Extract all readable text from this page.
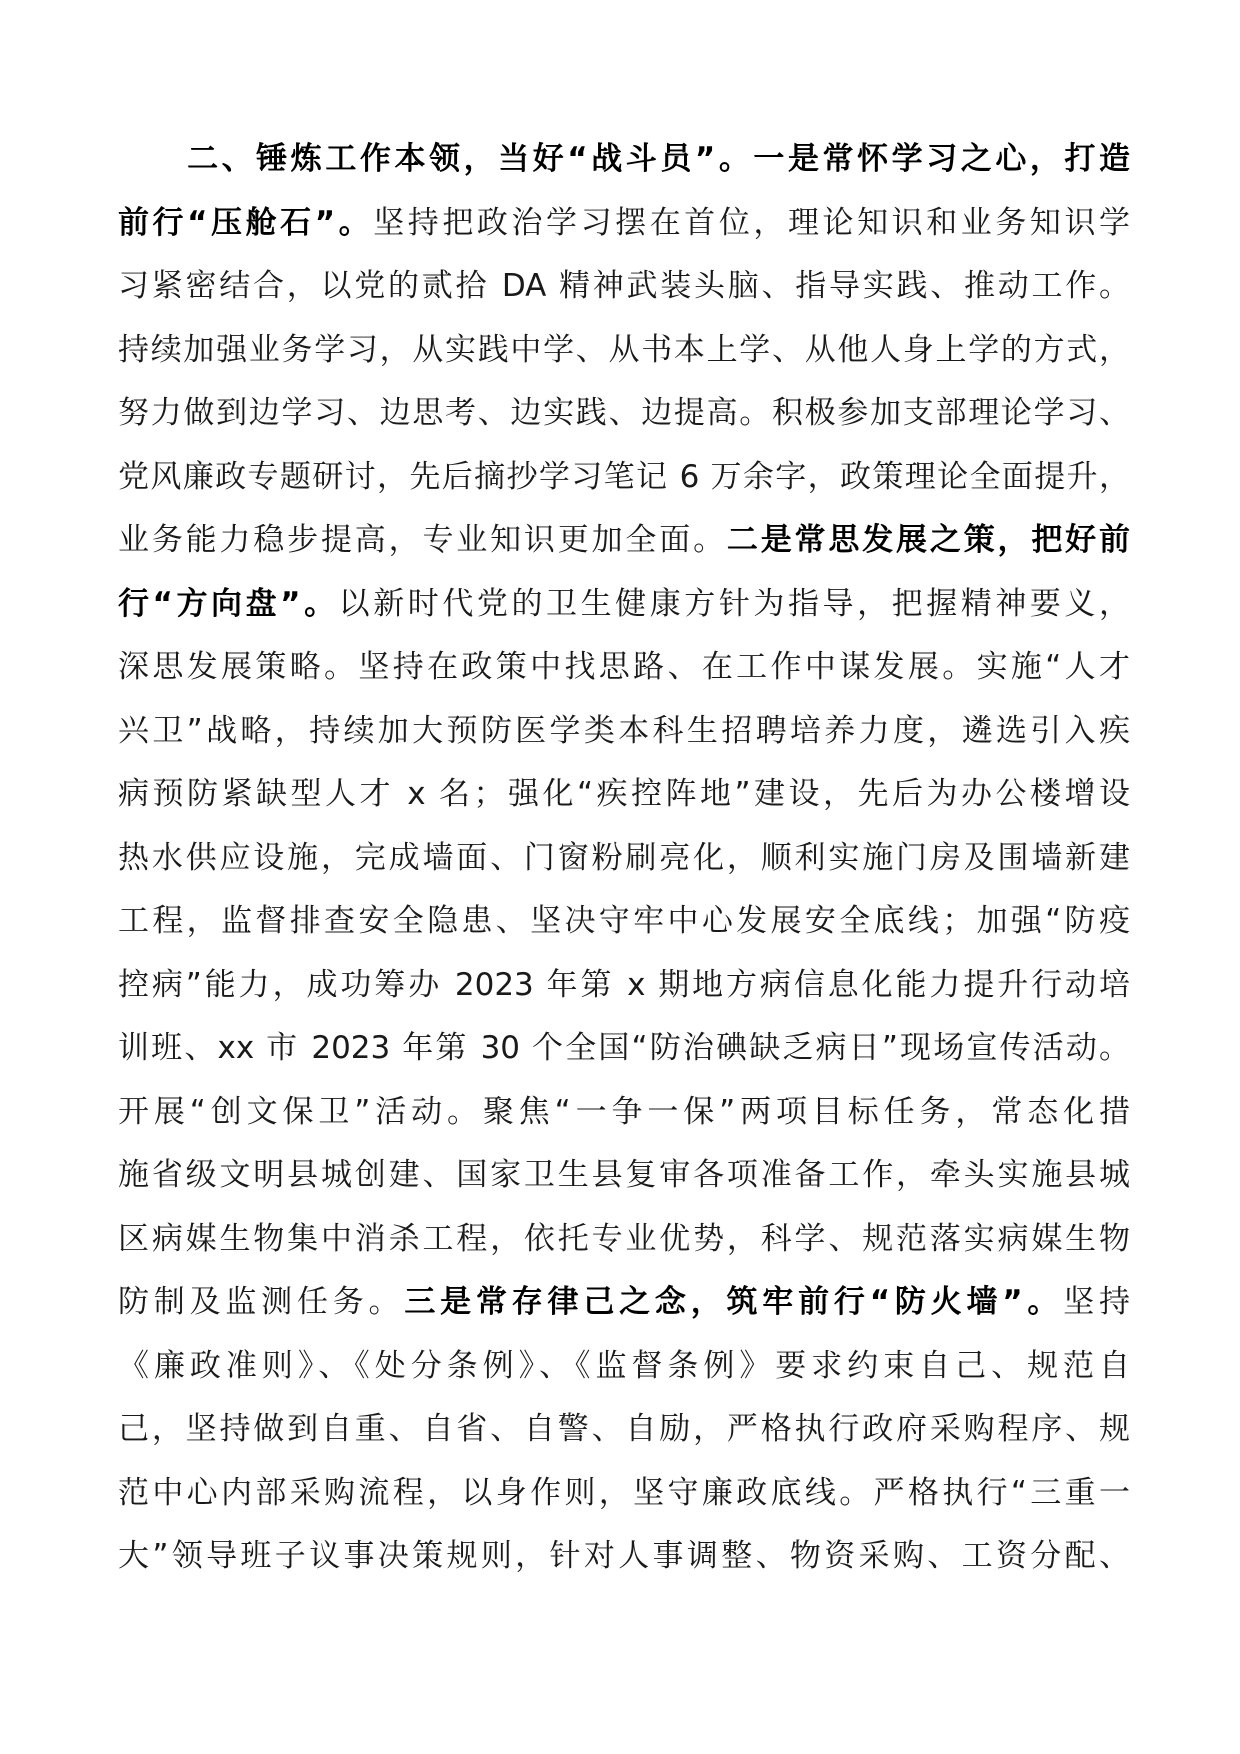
　　二、锤炼工作本领，当好“战斗员”。一是常怀学习之心，打造
前行“压舱石”。坚持把政治学习摆在首位，理论知识和业务知识学
习紧密结合，以党的贰拾 DA 精神武装头脑、指导实践、推动工作。
持续加强业务学习，从实践中学、从书本上学、从他人身上学的方式，
努力做到边学习、边思考、边实践、边提高。积极参加支部理论学习、
党风廉政专题研讨，先后摘抄学习笔记 6 万余字，政策理论全面提升，
业务能力稳步提高，专业知识更加全面。二是常思发展之策，把好前
行“方向盘”。以新时代党的卫生健康方针为指导，把握精神要义，
深思发展策略。坚持在政策中找思路、在工作中谋发展。实施“人才
兴卫”战略，持续加大预防医学类本科生招聘培养力度，遴选引入疾
病预防紧缺型人才 x 名；强化“疾控阵地”建设，先后为办公楼增设
热水供应设施，完成墙面、门窗粉刷亮化，顺利实施门房及围墙新建
工程，监督排查安全隐患、坚决守牢中心发展安全底线；加强“防疫
控病”能力，成功筹办 2023 年第 x 期地方病信息化能力提升行动培
训班、xx 市 2023 年第 30 个全国“防治碘缺乏病日”现场宣传活动。
开展“创文保卫”活动。聚焦“一争一保”两项目标任务，常态化措
施省级文明县城创建、国家卫生县复审各项准备工作，牵头实施县城
区病媒生物集中消杀工程，依托专业优势，科学、规范落实病媒生物
防制及监测任务。三是常存律己之念，筑牢前行“防火墙”。坚持
《廉政准则》、《处分条例》、《监督条例》要求约束自己、规范自
己，坚持做到自重、自省、自警、自励，严格执行政府采购程序、规
范中心内部采购流程，以身作则，坚守廉政底线。严格执行“三重一
大”领导班子议事决策规则，针对人事调整、物资采购、工资分配、
